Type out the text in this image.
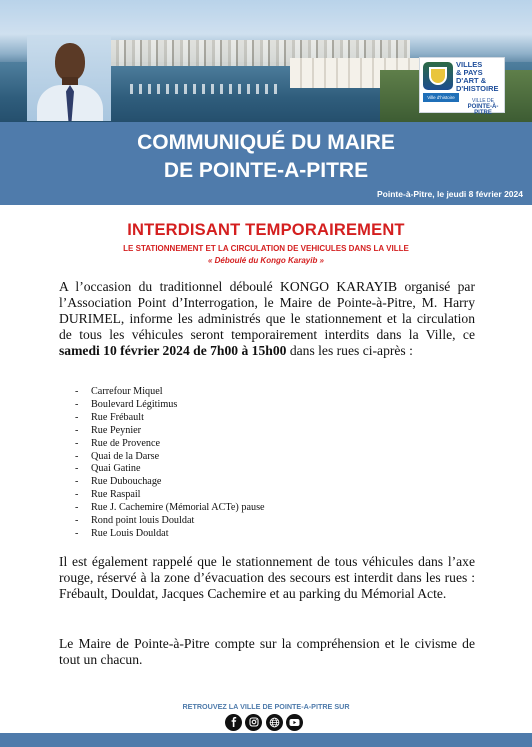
VILLES
& PAYS
D'ART &
D'HISTOIRE
Ville d'histoire
VILLE DE
POINTE-À-PITRE
COMMUNIQUÉ DU MAIRE
DE POINTE-A-PITRE
Pointe-à-Pitre, le jeudi 8 février 2024
INTERDISANT TEMPORAIREMENT
LE STATIONNEMENT ET LA CIRCULATION DE VEHICULES DANS LA VILLE
« Déboulé du Kongo Karayib »

A l’occasion du traditionnel déboulé KONGO KARAYIB organisé par l’Association Point d’Interrogation, le Maire de Pointe-à-Pitre, M. Harry DURIMEL, informe les administrés que le stationnement et la circulation de tous les véhicules seront temporairement interdits dans la Ville, ce samedi 10 février 2024 de 7h00 à 15h00 dans les rues ci-après :

- Carrefour Miquel
- Boulevard Légitimus
- Rue Frébault
- Rue Peynier
- Rue de Provence
- Quai de la Darse
- Quai Gatine
- Rue Dubouchage
- Rue Raspail
- Rue J. Cachemire (Mémorial ACTe) pause
- Rond point louis Douldat
- Rue Louis Douldat

Il est également rappelé que le stationnement de tous véhicules dans l’axe rouge, réservé à la zone d’évacuation des secours est interdit dans les rues : Frébault, Douldat, Jacques Cachemire et au parking du Mémorial Acte.

Le Maire de Pointe-à-Pitre compte sur la compréhension et le civisme de tout un chacun.

RETROUVEZ LA VILLE DE POINTE-A-PITRE SUR
